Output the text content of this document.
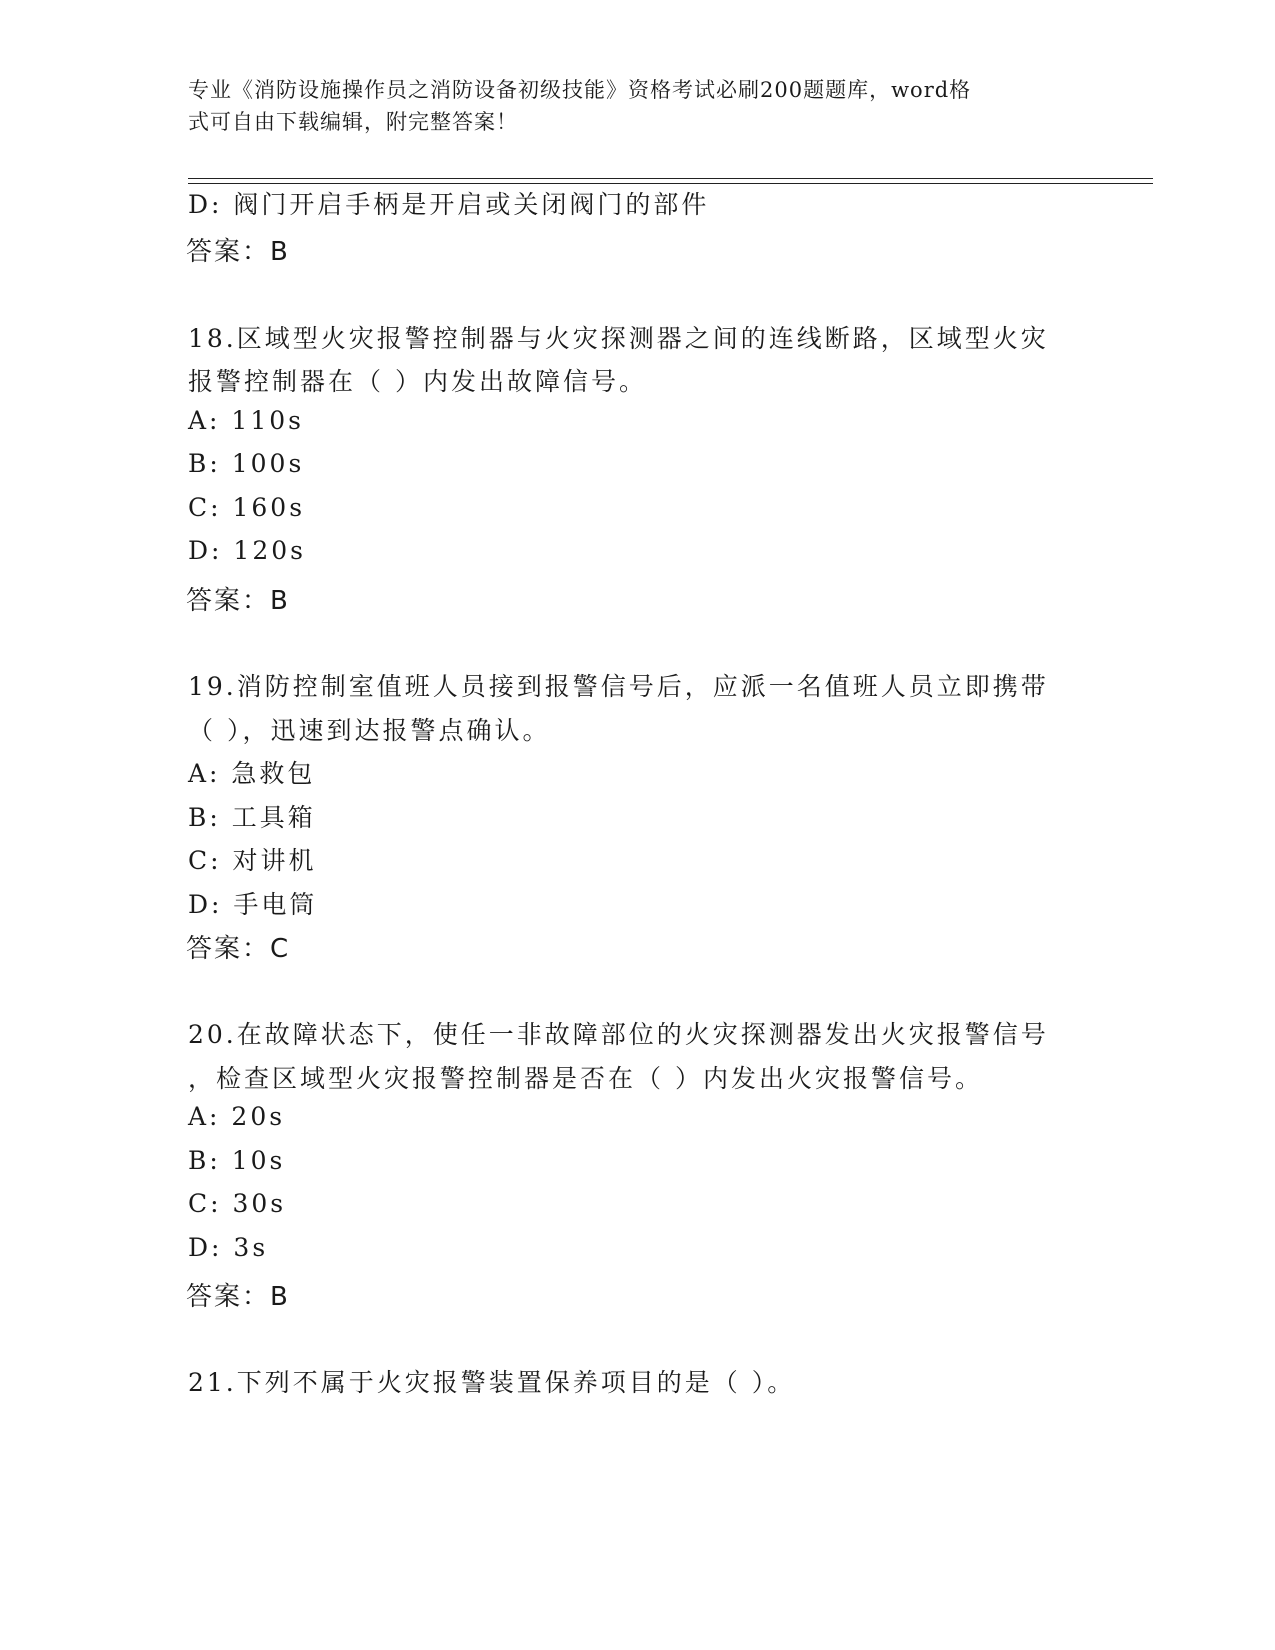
专业《消防设施操作员之消防设备初级技能》资格考试必刷200题题库，word格
式可自由下载编辑，附完整答案！
D: 阀门开启手柄是开启或关闭阀门的部件
答案：B
18.区域型火灾报警控制器与火灾探测器之间的连线断路，区域型火灾
报警控制器在（ ）内发出故障信号。
A: 110s
B: 100s
C: 160s
D: 120s
答案：B
19.消防控制室值班人员接到报警信号后，应派一名值班人员立即携带
（ ），迅速到达报警点确认。
A: 急救包
B: 工具箱
C: 对讲机
D: 手电筒
答案：C
20.在故障状态下，使任一非故障部位的火灾探测器发出火灾报警信号
，检查区域型火灾报警控制器是否在（ ）内发出火灾报警信号。
A: 20s
B: 10s
C: 30s
D: 3s
答案：B
21.下列不属于火灾报警装置保养项目的是（ ）。
